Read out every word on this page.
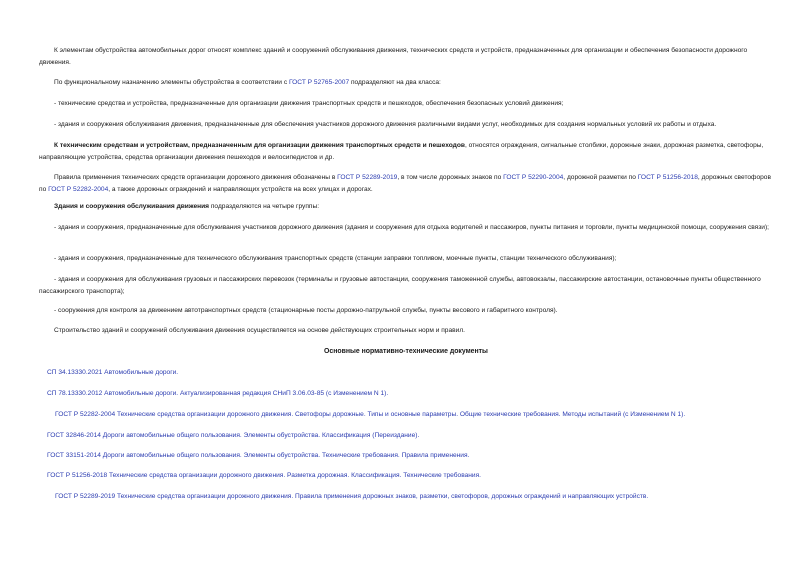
К элементам обустройства автомобильных дорог относят комплекс зданий и сооружений обслуживания движения, технических средств и устройств, предназначенных для организации и обеспечения безопасности дорожного движения.
По функциональному назначению элементы обустройства в соответствии с ГОСТ Р 52765-2007 подразделяют на два класса:
- технические средства и устройства, предназначенные для организации движения транспортных средств и пешеходов, обеспечения безопасных условий движения;
- здания и сооружения обслуживания движения, предназначенные для обеспечения участников дорожного движения различными видами услуг, необходимых для создания нормальных условий их работы и отдыха.
К техническим средствам и устройствам, предназначенным для организации движения транспортных средств и пешеходов, относятся ограждения, сигнальные столбики, дорожные знаки, дорожная разметка, светофоры, направляющие устройства, средства организации движения пешеходов и велосипедистов и др.
Правила применения технических средств организации дорожного движения обозначены в ГОСТ Р 52289-2019, в том числе дорожных знаков по ГОСТ Р 52290-2004, дорожной разметки по ГОСТ Р 51256-2018, дорожных светофоров по ГОСТ Р 52282-2004, а также дорожных ограждений и направляющих устройств на всех улицах и дорогах.
Здания и сооружения обслуживания движения подразделяются на четыре группы:
- здания и сооружения, предназначенные для обслуживания участников дорожного движения (здания и сооружения для отдыха водителей и пассажиров, пункты питания и торговли, пункты медицинской помощи, сооружения связи);
- здания и сооружения, предназначенные для технического обслуживания транспортных средств (станции заправки топливом, моечные пункты, станции технического обслуживания);
- здания и сооружения для обслуживания грузовых и пассажирских перевозок (терминалы и грузовые автостанции, сооружения таможенной службы, автовокзалы, пассажирские автостанции, остановочные пункты общественного пассажирского транспорта);
- сооружения для контроля за движением автотранспортных средств (стационарные посты дорожно-патрульной службы, пункты весового и габаритного контроля).
Строительство зданий и сооружений обслуживания движения осуществляется на основе действующих строительных норм и правил.
Основные нормативно-технические документы
СП 34.13330.2021 Автомобильные дороги.
СП 78.13330.2012 Автомобильные дороги. Актуализированная редакция СНиП 3.06.03-85 (с Изменением N 1).
ГОСТ Р 52282-2004 Технические средства организации дорожного движения. Светофоры дорожные. Типы и основные параметры. Общие технические требования. Методы испытаний (с Изменением N 1).
ГОСТ 32846-2014 Дороги автомобильные общего пользования. Элементы обустройства. Классификация (Переиздание).
ГОСТ 33151-2014 Дороги автомобильные общего пользования. Элементы обустройства. Технические требования. Правила применения.
ГОСТ Р 51256-2018 Технические средства организации дорожного движения. Разметка дорожная. Классификация. Технические требования.
ГОСТ Р 52289-2019 Технические средства организации дорожного движения. Правила применения дорожных знаков, разметки, светофоров, дорожных ограждений и направляющих устройств.
